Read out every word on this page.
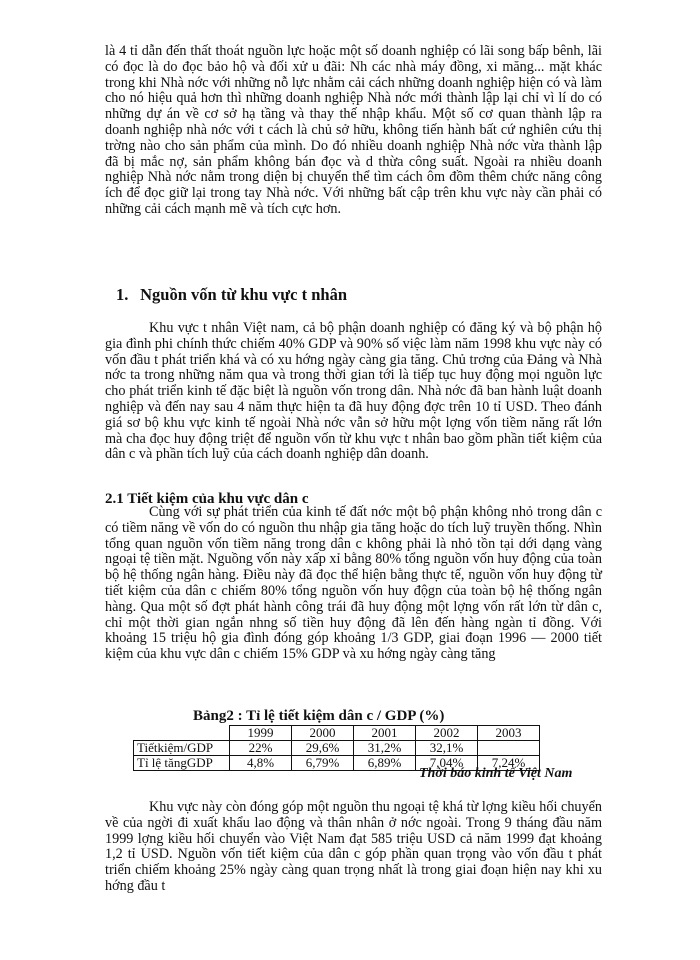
là 4 tỉ dẫn đến thất thoát nguồn lực hoặc một số doanh nghiệp có lãi song bấp bênh, lãi có đọc là do đọc bảo hộ và đối xử u đãi: Nh các nhà máy đồng, xi măng... mặt khác trong khi Nhà nớc với những nỗ lực nhằm cải cách những doanh nghiệp hiện có và làm cho nó hiệu quả hơn thì những doanh nghiệp Nhà nớc mới thành lập lại chỉ vì lí do có những dự án về cơ sở hạ tầng và thay thế nhập khẩu. Một số cơ quan thành lập ra doanh nghiệp nhà nớc với t cách là chủ sở hữu, không tiến hành bất cứ nghiên cứu thị trờng nào cho sản phẩm của mình. Do đó nhiều doanh nghiệp Nhà nớc vừa thành lập đã bị mắc nợ, sản phẩm không bán đọc và d thừa công suất. Ngoài ra nhiều doanh nghiệp Nhà nớc nằm trong diện bị chuyển thể tìm cách ôm đồm thêm chức năng công ích để đọc giữ lại trong tay Nhà nớc. Với những bất cập trên khu vực này cần phải có những cải cách mạnh mẽ và tích cực hơn.

1. Nguồn vốn từ khu vực t nhân

Khu vực t nhân Việt nam, cả bộ phận doanh nghiệp có đăng ký và bộ phận hộ gia đình phi chính thức chiếm 40% GDP và 90% số việc làm năm 1998 khu vực này có vốn đầu t phát triển khá và có xu hớng ngày càng gia tăng. Chủ trơng của Đảng và Nhà nớc ta trong những năm qua và trong thời gian tới là tiếp tục huy động mọi nguồn lực cho phát triển kinh tế đặc biệt là nguồn vốn trong dân. Nhà nớc đã ban hành luật doanh nghiệp và đến nay sau 4 năm thực hiện ta đã huy động đợc trên 10 tỉ USD. Theo đánh giá sơ bộ khu vực kinh tế ngoài Nhà nớc vẫn sở hữu một lợng vốn tiềm năng rất lớn mà cha đọc huy động triệt để nguồn vốn từ khu vực t nhân bao gồm phần tiết kiệm của dân c và phần tích luỹ của cách doanh nghiệp dân doanh.

2.1 Tiết kiệm của khu vực dân c

Cùng với sự phát triển của kinh tế đất nớc một bộ phận không nhỏ trong dân c có tiềm năng về vốn do có nguồn thu nhập gia tăng hoặc do tích luỹ truyền thống. Nhìn tổng quan nguồn vốn tiềm năng trong dân c không phải là nhỏ tồn tại dới dạng vàng ngoại tệ tiền mặt. Nguồng vốn này xấp xỉ bằng 80% tổng nguồn vốn huy động của toàn bộ hệ thống ngân hàng. Điều này đã đọc thể hiện bằng thực tế, nguồn vốn huy động từ tiết kiệm của dân c chiếm 80% tổng nguồn vốn huy độgn của toàn bộ hệ thống ngân hàng. Qua một số đợt phát hành công trái đã huy động một lợng vốn rất lớn từ dân c, chỉ một thời gian ngắn nhng số tiền huy động đã lên đến hàng ngàn tỉ đồng. Với khoảng 15 triệu hộ gia đình đóng góp khoảng 1/3 GDP, giai đoạn 1996 — 2000 tiết kiệm của khu vực dân c chiếm 15% GDP và xu hớng ngày càng tăng

Bảng2 : Tỉ lệ tiết kiệm dân c / GDP (%)
	1999	2000	2001	2002	2003
Tiếtkiệm/GDP	22%	29,6%	31,2%	32,1%	
Tỉ lệ tăngGDP	4,8%	6,79%	6,89%	7,04%	7,24%
Thời báo kinh tế Việt Nam

Khu vực này còn đóng góp một nguồn thu ngoại tệ khá từ lợng kiều hối chuyển về của ngời đi xuất khẩu lao động và thân nhân ở nớc ngoài. Trong 9 tháng đầu năm 1999 lợng kiều hối chuyển vào Việt Nam đạt 585 triệu USD cả năm 1999 đạt khoảng 1,2 tỉ USD. Nguồn vốn tiết kiệm của dân c góp phần quan trọng vào vốn đầu t phát triển chiếm khoảng 25% ngày càng quan trọng nhất là trong giai đoạn hiện nay khi xu hớng đầu t
